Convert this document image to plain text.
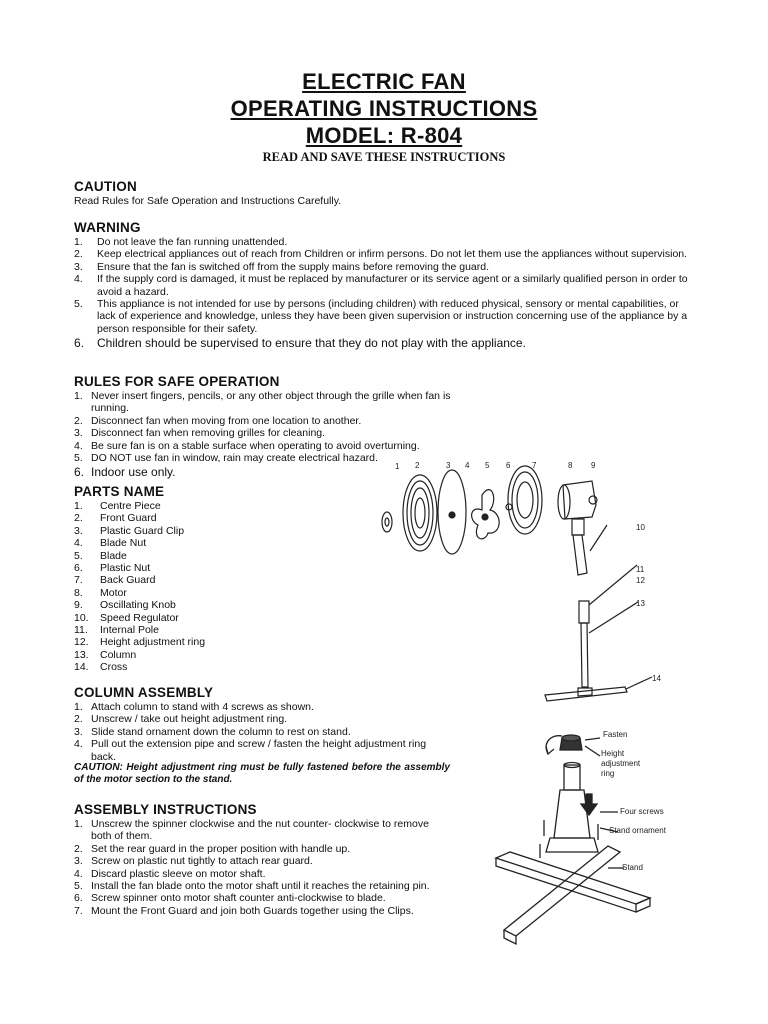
ELECTRIC FAN
OPERATING INSTRUCTIONS
MODEL: R-804
READ AND SAVE THESE INSTRUCTIONS
CAUTION
Read Rules for Safe Operation and Instructions Carefully.
WARNING
1. Do not leave the fan running unattended.
2. Keep electrical appliances out of reach from Children or infirm persons. Do not let them use the appliances without supervision.
3. Ensure that the fan is switched off from the supply mains before removing the guard.
4. If the supply cord is damaged, it must be replaced by manufacturer or its service agent or a similarly qualified person in order to avoid a hazard.
5. This appliance is not intended for use by persons (including children) with reduced physical, sensory or mental capabilities, or lack of experience and knowledge, unless they have been given supervision or instruction concerning use of the appliance by a person responsible for their safety.
6. Children should be supervised to ensure that they do not play with the appliance.
RULES FOR SAFE OPERATION
1. Never insert fingers, pencils, or any other object through the grille when fan is running.
2. Disconnect fan when moving from one location to another.
3. Disconnect fan when removing grilles for cleaning.
4. Be sure fan is on a stable surface when operating to avoid overturning.
5. DO NOT use fan in window, rain may create electrical hazard.
6. Indoor use only.
PARTS NAME
1. Centre Piece
2. Front Guard
3. Plastic Guard Clip
4. Blade Nut
5. Blade
6. Plastic Nut
7. Back Guard
8. Motor
9. Oscillating Knob
10. Speed Regulator
11. Internal Pole
12. Height adjustment ring
13. Column
14. Cross
COLUMN ASSEMBLY
1. Attach column to stand with 4 screws as shown.
2. Unscrew / take out height adjustment ring.
3. Slide stand ornament down the column to rest on stand.
4. Pull out the extension pipe and screw / fasten the height adjustment ring back.
CAUTION: Height adjustment ring must be fully fastened before the assembly of the motor section to the stand.
ASSEMBLY INSTRUCTIONS
1. Unscrew the spinner clockwise and the nut counter- clockwise to remove both of them.
2. Set the rear guard in the proper position with handle up.
3. Screw on plastic nut tightly to attach rear guard.
4. Discard plastic sleeve on motor shaft.
5. Install the fan blade onto the motor shaft until it reaches the retaining pin.
6. Screw spinner onto motor shaft counter anti-clockwise to blade.
7. Mount the Front Guard and join both Guards together using the Clips.
1 2	3 4 5 6	7	8 9
10
11
12
13
14
Fasten
Height adjustment ring
Four screws
Stand ornament
Stand
